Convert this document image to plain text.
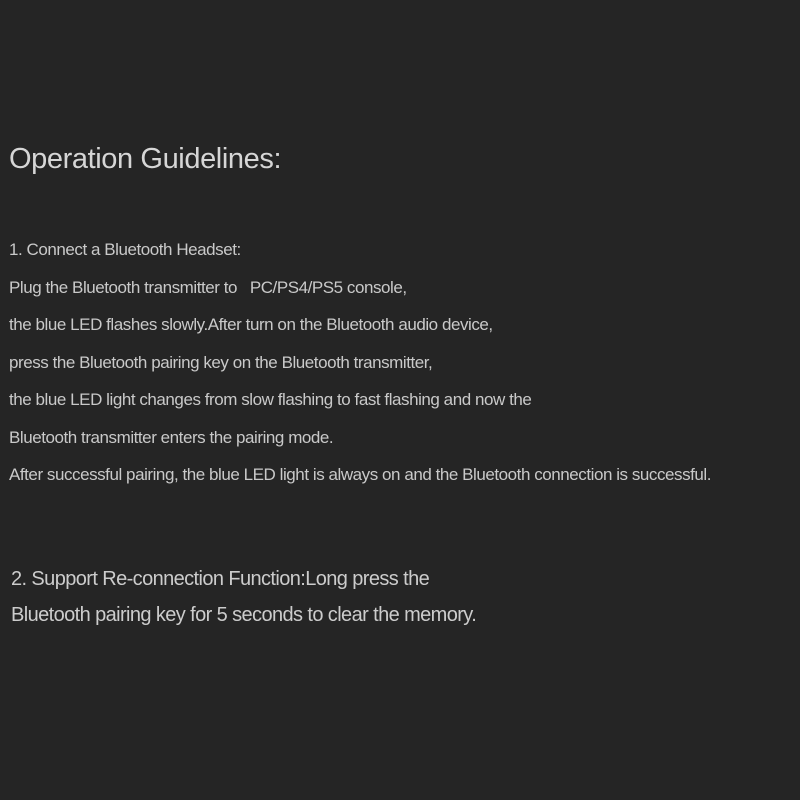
Operation Guidelines:
1. Connect a Bluetooth Headset:
Plug the Bluetooth transmitter to   PC/PS4/PS5 console,
the blue LED flashes slowly.After turn on the Bluetooth audio device,
press the Bluetooth pairing key on the Bluetooth transmitter,
the blue LED light changes from slow flashing to fast flashing and now the
Bluetooth transmitter enters the pairing mode.
After successful pairing, the blue LED light is always on and the Bluetooth connection is successful.
2. Support Re-connection Function:Long press the
Bluetooth pairing key for 5 seconds to clear the memory.
